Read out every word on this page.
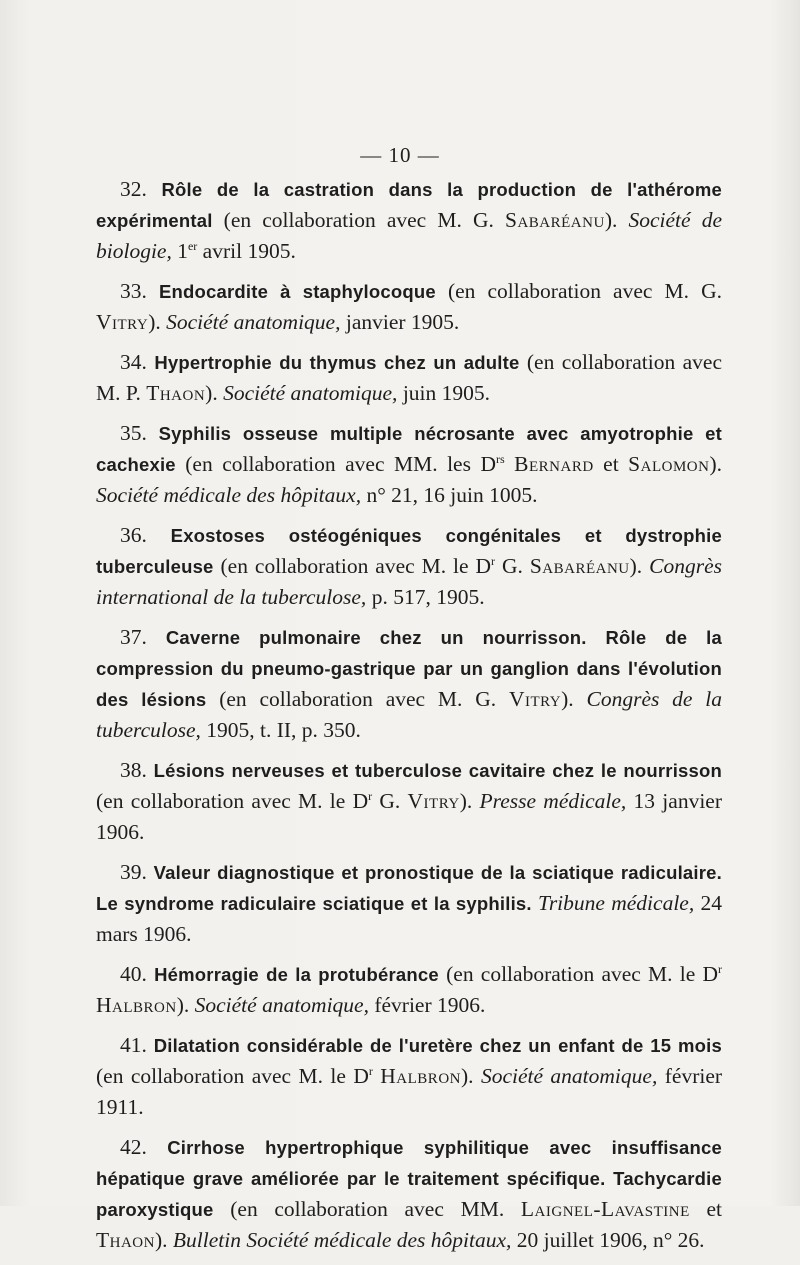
— 10 —

32. Rôle de la castration dans la production de l'athérome expérimental (en collaboration avec M. G. Sabaréanu). Société de biologie, 1er avril 1905.

33. Endocardite à staphylocoque (en collaboration avec M. G. Vitry). Société anatomique, janvier 1905.

34. Hypertrophie du thymus chez un adulte (en collaboration avec M. P. Thaon). Société anatomique, juin 1905.

35. Syphilis osseuse multiple nécrosante avec amyotrophie et cachexie (en collaboration avec MM. les $D^{rs}$ Bernard et Salomon). Société médicale des hôpitaux, n° 21, 16 juin 1005.

36. Exostoses ostéogéniques congénitales et dystrophie tuberculeuse (en collaboration avec M. le $D^r$ G. Sabaréanu). Congrès international de la tuberculose, p. 517, 1905.

37. Caverne pulmonaire chez un nourrisson. Rôle de la compression du pneumo-gastrique par un ganglion dans l'évolution des lésions (en collaboration avec M. G. Vitry). Congrès de la tuberculose, 1905, t. II, p. 350.

38. Lésions nerveuses et tuberculose cavitaire chez le nourrisson (en collaboration avec M. le $D^r$ G. Vitry). Presse médicale, 13 janvier 1906.

39. Valeur diagnostique et pronostique de la sciatique radiculaire. Le syndrome radiculaire sciatique et la syphilis. Tribune médicale, 24 mars 1906.

40. Hémorragie de la protubérance (en collaboration avec M. le $D^r$ Halbron). Société anatomique, février 1906.

41. Dilatation considérable de l'uretère chez un enfant de 15 mois (en collaboration avec M. le $D^r$ Halbron). Société anatomique, février 1911.

42. Cirrhose hypertrophique syphilitique avec insuffisance hépatique grave améliorée par le traitement spécifique. Tachycardie paroxystique (en collaboration avec MM. Laignel-Lavastine et Thaon). Bulletin Société médicale des hôpitaux, 20 juillet 1906, n° 26.
